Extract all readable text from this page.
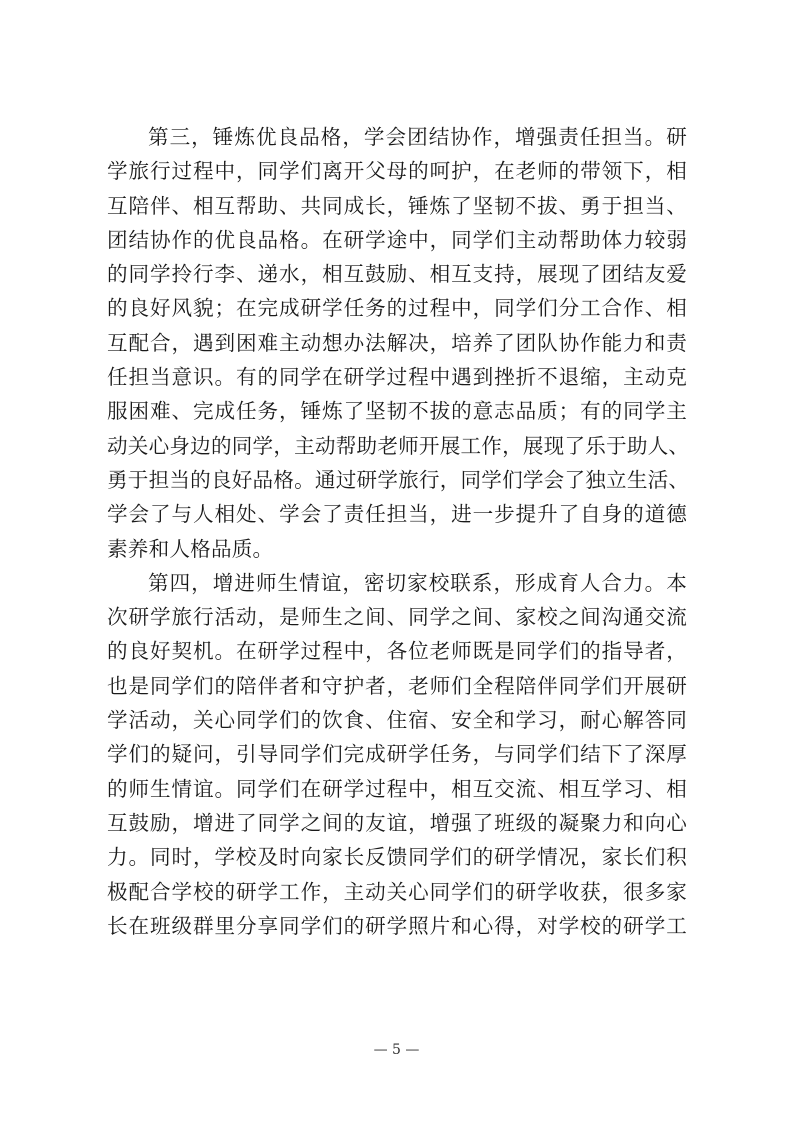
第三，锤炼优良品格，学会团结协作，增强责任担当。研
学旅行过程中，同学们离开父母的呵护，在老师的带领下，相
互陪伴、相互帮助、共同成长，锤炼了坚韧不拔、勇于担当、
团结协作的优良品格。在研学途中，同学们主动帮助体力较弱
的同学拎行李、递水，相互鼓励、相互支持，展现了团结友爱
的良好风貌；在完成研学任务的过程中，同学们分工合作、相
互配合，遇到困难主动想办法解决，培养了团队协作能力和责
任担当意识。有的同学在研学过程中遇到挫折不退缩，主动克
服困难、完成任务，锤炼了坚韧不拔的意志品质；有的同学主
动关心身边的同学，主动帮助老师开展工作，展现了乐于助人、
勇于担当的良好品格。通过研学旅行，同学们学会了独立生活、
学会了与人相处、学会了责任担当，进一步提升了自身的道德
素养和人格品质。
第四，增进师生情谊，密切家校联系，形成育人合力。本
次研学旅行活动，是师生之间、同学之间、家校之间沟通交流
的良好契机。在研学过程中，各位老师既是同学们的指导者，
也是同学们的陪伴者和守护者，老师们全程陪伴同学们开展研
学活动，关心同学们的饮食、住宿、安全和学习，耐心解答同
学们的疑问，引导同学们完成研学任务，与同学们结下了深厚
的师生情谊。同学们在研学过程中，相互交流、相互学习、相
互鼓励，增进了同学之间的友谊，增强了班级的凝聚力和向心
力。同时，学校及时向家长反馈同学们的研学情况，家长们积
极配合学校的研学工作，主动关心同学们的研学收获，很多家
长在班级群里分享同学们的研学照片和心得，对学校的研学工
— 5 —
